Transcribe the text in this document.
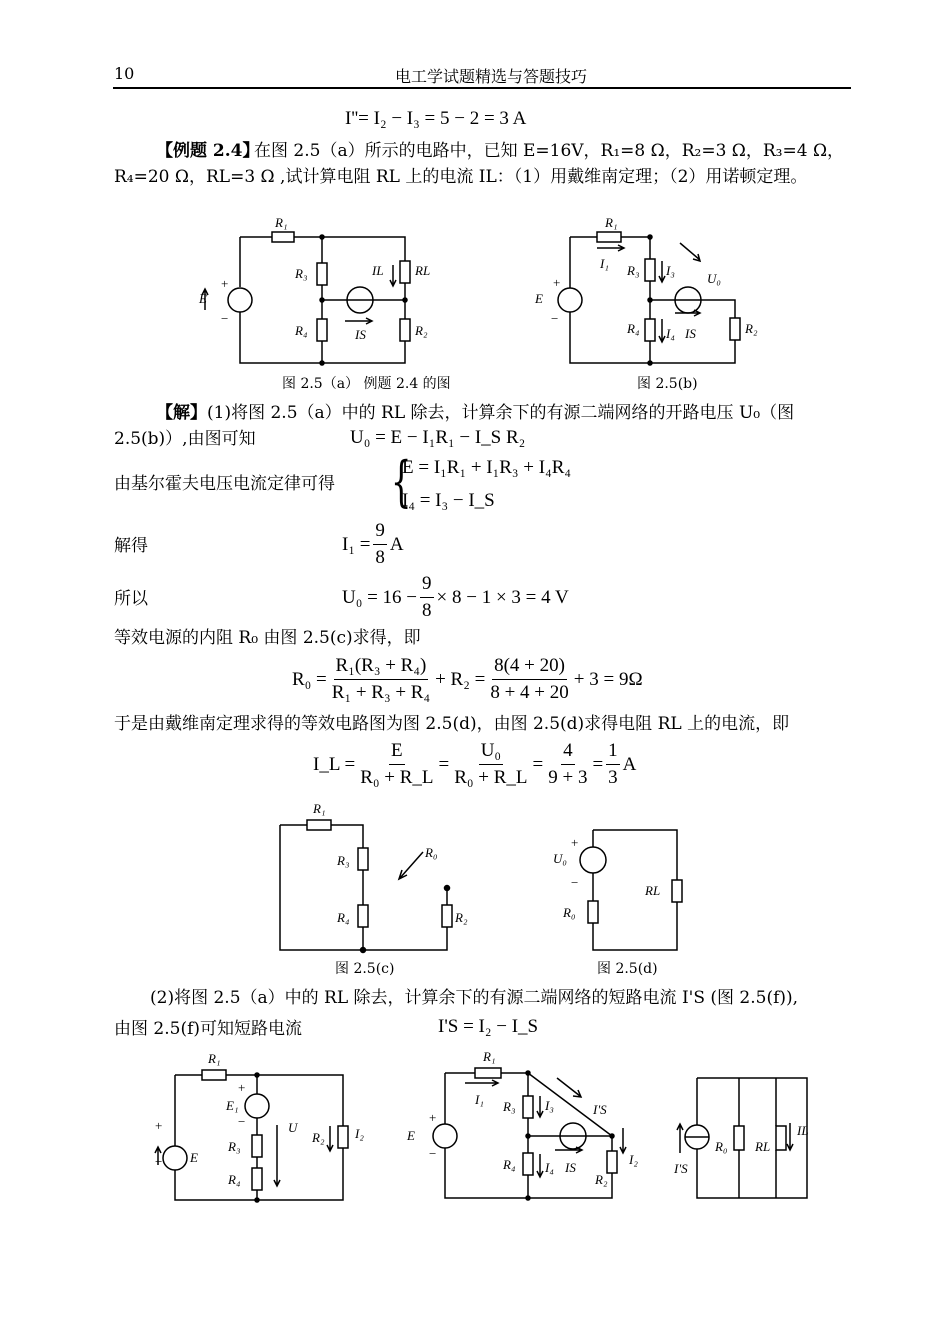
10	电工学试题精选与答题技巧
I''= I₂ − I₃ = 5 − 2 = 3 A
【例题 2.4】
在图 2.5（a）所示的电路中，已知 E=16V，R₁=8 Ω，R₂=3 Ω，R₃=4 Ω，
R₄=20 Ω，RL=3 Ω ,试计算电阻 RL 上的电流 IL：（1）用戴维南定理；（2）用诺顿定理。
R₁
R₃
R₄
RL
R₂
IL
IS
E
+
−
图 2.5（a） 例题 2.4 的图
R₁
I₁ R₃ I₃
U₀
R₄ I₄ IS	R₂
E
+
−
图 2.5(b)
【解】 (1)将图 2.5（a）中的 RL 除去，计算余下的有源二端网络的开路电压 U₀（图
2.5(b)）,由图可知	U₀ = E − I₁R₁ − I_S R₂
由基尔霍夫电压电流定律可得 {
E = I₁R₁ + I₁R₃ + I₄R₄
I₄ = I₃ − I_S
解得	$I_1 = \frac{9}{8}$ A
所以	$U_0 = 16 - \frac{9}{8} \times 8 - 1 \times 3 = 4$ V
等效电源的内阻 R₀ 由图 2.5(c)求得，即
$R_0 = \frac{\text{R₁(R₃ + R₄)}}{\text{R₁ + R₃ + R₄}} + R_2 = \frac{8(4 + 20)}{8 + 4 + 20} + 3 = 9\Omega$
于是由戴维南定理求得的等效电路图为图 2.5(d)，由图 2.5(d)求得电阻 RL 上的电流，即
I_L = $\frac{E}{\text{R₀ + R\_L}} = \frac{\text{U₀}}{\text{R₀ + R\_L}} = \frac{4}{9 + 3} = \frac{1}{3}$ A
R₁
R₃
R₄	R₂
R₀
图 2.5(c)
U₀
+
−
R₀
RL
图 2.5(d)
(2)将图 2.5（a）中的 RL 除去，计算余下的有源二端网络的短路电流 I'S (图 2.5(f)),
由图 2.5(f)可知短路电流	I'S = I₂ − I_S
R₁
E₁
+
−
R₃
R₄
U
R₂ I₂
E
+
−
R₁
I₁ R₃ I₃	I'S
R₄ I₄ IS
R₂
I₂
E
+
−	R₀ RL
IL
I'S
